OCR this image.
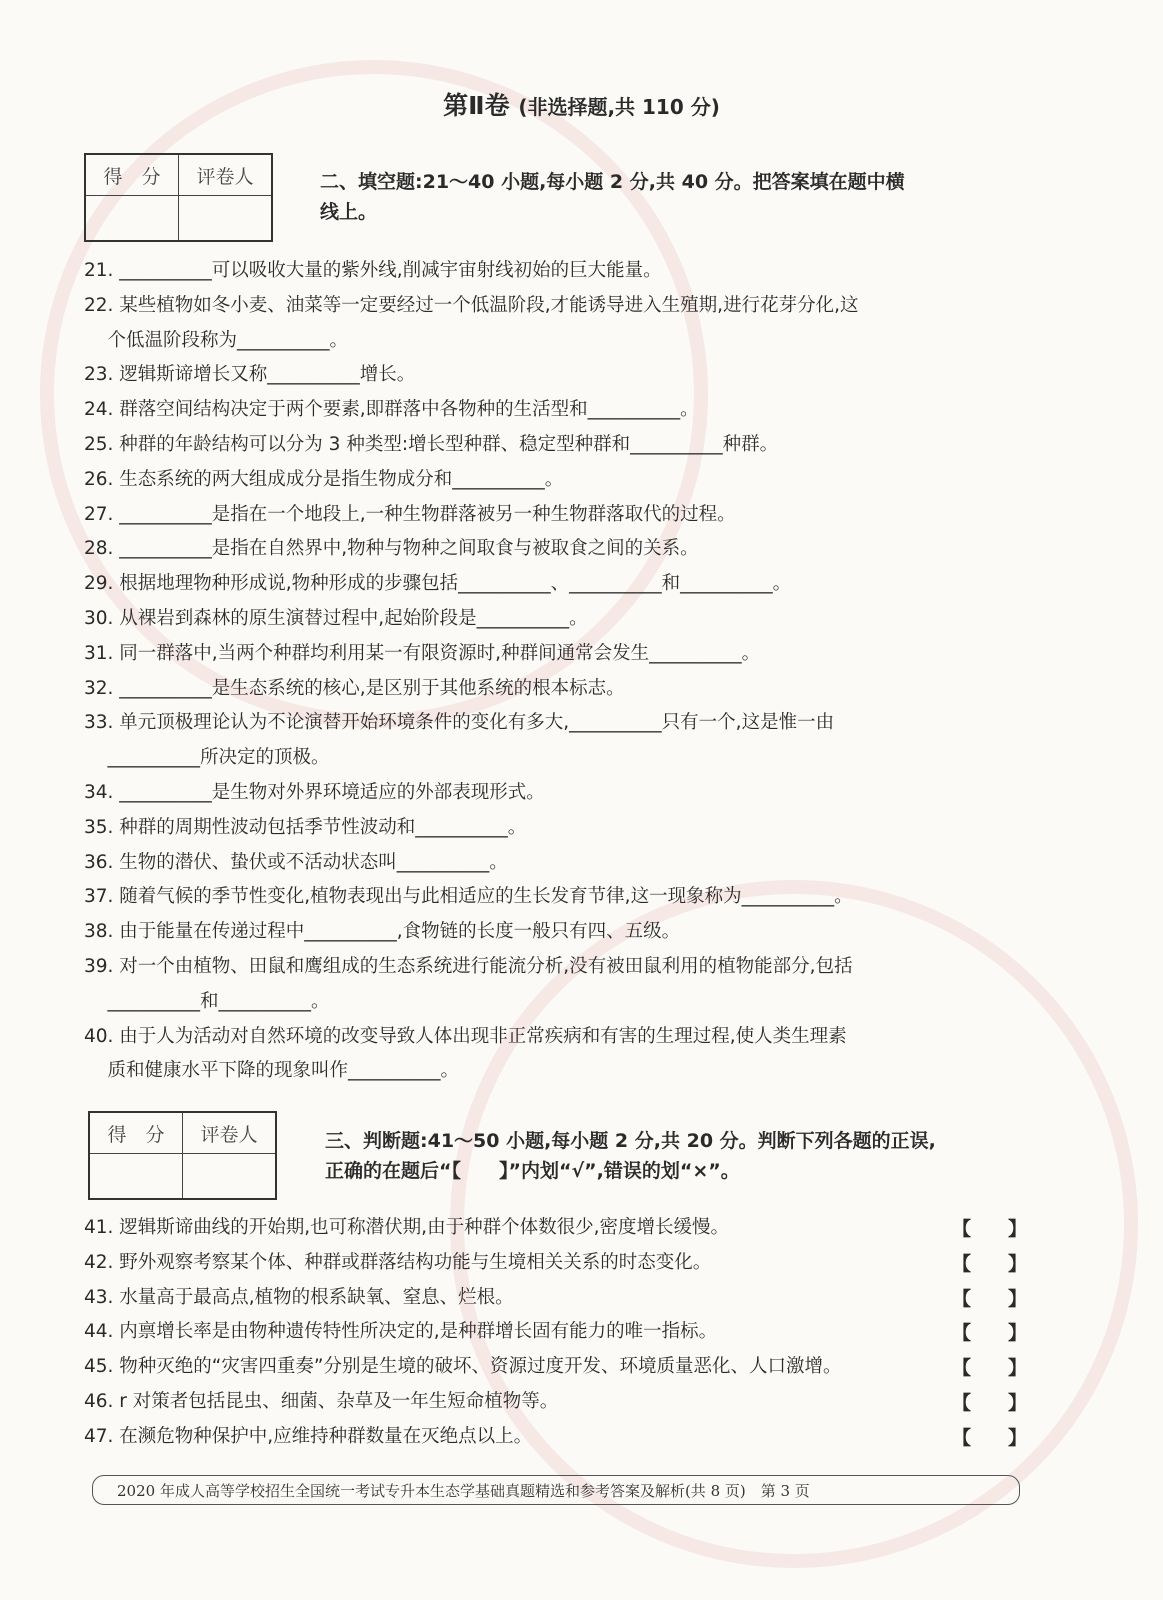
第Ⅱ卷 (非选择题,共 110 分)
得　分	评卷人
		二、填空题:21～40 小题,每小题 2 分,共 40 分。把答案填在题中横
线上。
21. __________可以吸收大量的紫外线,削减宇宙射线初始的巨大能量。
22. 某些植物如冬小麦、油菜等一定要经过一个低温阶段,才能诱导进入生殖期,进行花芽分化,这
个低温阶段称为__________。
23. 逻辑斯谛增长又称__________增长。
24. 群落空间结构决定于两个要素,即群落中各物种的生活型和__________。
25. 种群的年龄结构可以分为 3 种类型:增长型种群、稳定型种群和__________种群。
26. 生态系统的两大组成成分是指生物成分和__________。
27. __________是指在一个地段上,一种生物群落被另一种生物群落取代的过程。
28. __________是指在自然界中,物种与物种之间取食与被取食之间的关系。
29. 根据地理物种形成说,物种形成的步骤包括__________、__________和__________。
30. 从裸岩到森林的原生演替过程中,起始阶段是__________。
31. 同一群落中,当两个种群均利用某一有限资源时,种群间通常会发生__________。
32. __________是生态系统的核心,是区别于其他系统的根本标志。
33. 单元顶极理论认为不论演替开始环境条件的变化有多大,__________只有一个,这是惟一由
__________所决定的顶极。
34. __________是生物对外界环境适应的外部表现形式。
35. 种群的周期性波动包括季节性波动和__________。
36. 生物的潜伏、蛰伏或不活动状态叫__________。
37. 随着气候的季节性变化,植物表现出与此相适应的生长发育节律,这一现象称为__________。
38. 由于能量在传递过程中__________,食物链的长度一般只有四、五级。
39. 对一个由植物、田鼠和鹰组成的生态系统进行能流分析,没有被田鼠利用的植物能部分,包括
__________和__________。
40. 由于人为活动对自然环境的改变导致人体出现非正常疾病和有害的生理过程,使人类生理素
质和健康水平下降的现象叫作__________。
得　分	评卷人
		三、判断题:41～50 小题,每小题 2 分,共 20 分。判断下列各题的正误,
正确的在题后“【　　】”内划“√”,错误的划“×”。
41. 逻辑斯谛曲线的开始期,也可称潜伏期,由于种群个体数很少,密度增长缓慢。	【 】
42. 野外观察考察某个体、种群或群落结构功能与生境相关关系的时态变化。	【 】
43. 水量高于最高点,植物的根系缺氧、窒息、烂根。	【 】
44. 内禀增长率是由物种遗传特性所决定的,是种群增长固有能力的唯一指标。	【 】
45. 物种灭绝的“灾害四重奏”分别是生境的破坏、资源过度开发、环境质量恶化、人口激增。	【 】
46. r 对策者包括昆虫、细菌、杂草及一年生短命植物等。	【 】
47. 在濒危物种保护中,应维持种群数量在灭绝点以上。	【 】
2020 年成人高等学校招生全国统一考试专升本生态学基础真题精选和参考答案及解析(共 8 页)　第 3 页
